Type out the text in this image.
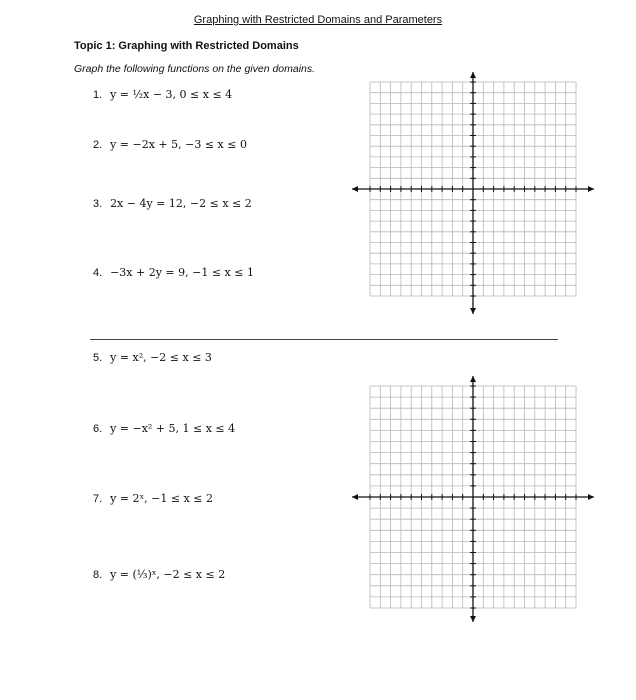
Graphing with Restricted Domains and Parameters
Topic 1: Graphing with Restricted Domains
Graph the following functions on the given domains.
1. y = ½x − 3, 0 ≤ x ≤ 4
2. y = −2x + 5, −3 ≤ x ≤ 0
3. 2x − 4y = 12, −2 ≤ x ≤ 2
4. −3x + 2y = 9, −1 ≤ x ≤ 1
5. y = x², −2 ≤ x ≤ 3
6. y = −x² + 5, 1 ≤ x ≤ 4
7. y = 2ˣ, −1 ≤ x ≤ 2
8. y = (⅓)ˣ, −2 ≤ x ≤ 2
